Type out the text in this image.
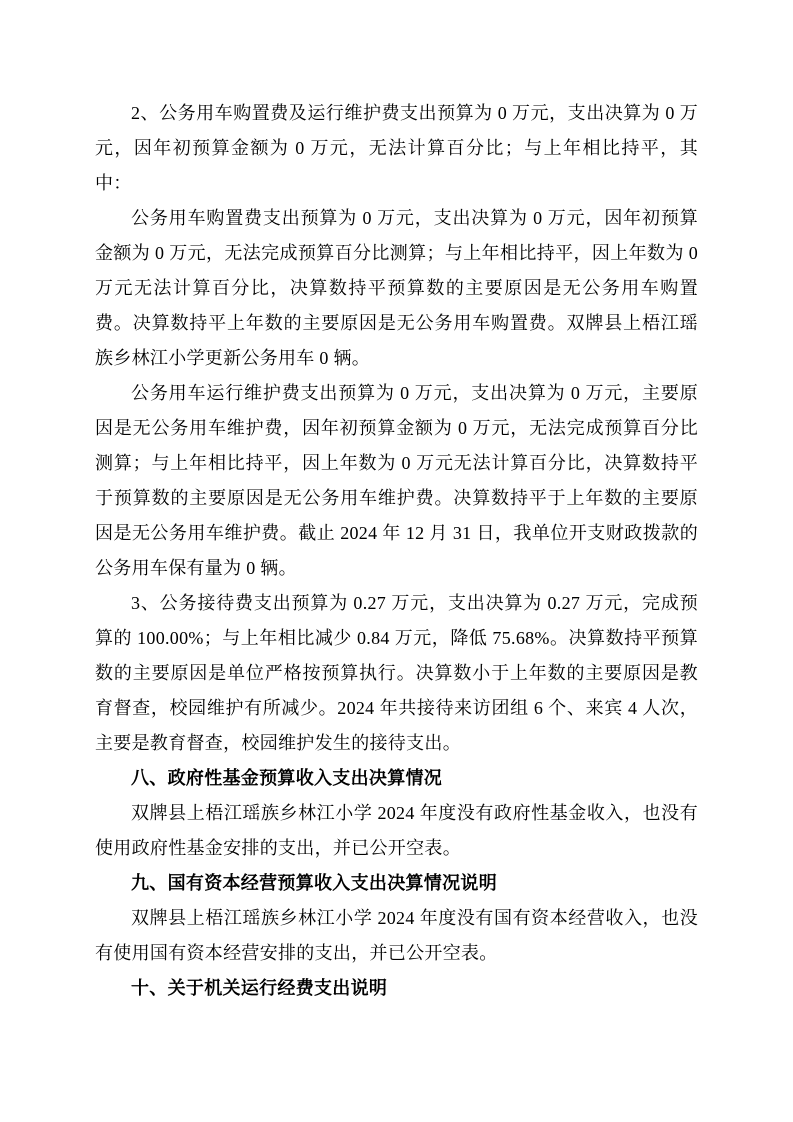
2、公务用车购置费及运行维护费支出预算为 0 万元，支出决算为 0 万元，因年初预算金额为 0 万元，无法计算百分比；与上年相比持平，其中：

公务用车购置费支出预算为 0 万元，支出决算为 0 万元，因年初预算金额为 0 万元，无法完成预算百分比测算；与上年相比持平，因上年数为 0 万元无法计算百分比，决算数持平预算数的主要原因是无公务用车购置费。决算数持平上年数的主要原因是无公务用车购置费。双牌县上梧江瑶族乡林江小学更新公务用车 0 辆。

公务用车运行维护费支出预算为 0 万元，支出决算为 0 万元，主要原因是无公务用车维护费，因年初预算金额为 0 万元，无法完成预算百分比测算；与上年相比持平，因上年数为 0 万元无法计算百分比，决算数持平于预算数的主要原因是无公务用车维护费。决算数持平于上年数的主要原因是无公务用车维护费。截止 2024 年 12 月 31 日，我单位开支财政拨款的公务用车保有量为 0 辆。

3、公务接待费支出预算为 0.27 万元，支出决算为 0.27 万元，完成预算的 100.00%；与上年相比减少 0.84 万元，降低 75.68%。决算数持平预算数的主要原因是单位严格按预算执行。决算数小于上年数的主要原因是教育督查，校园维护有所减少。2024 年共接待来访团组 6 个、来宾 4 人次，主要是教育督查，校园维护发生的接待支出。

八、政府性基金预算收入支出决算情况

双牌县上梧江瑶族乡林江小学 2024 年度没有政府性基金收入，也没有使用政府性基金安排的支出，并已公开空表。

九、国有资本经营预算收入支出决算情况说明

双牌县上梧江瑶族乡林江小学 2024 年度没有国有资本经营收入，也没有使用国有资本经营安排的支出，并已公开空表。

十、关于机关运行经费支出说明
